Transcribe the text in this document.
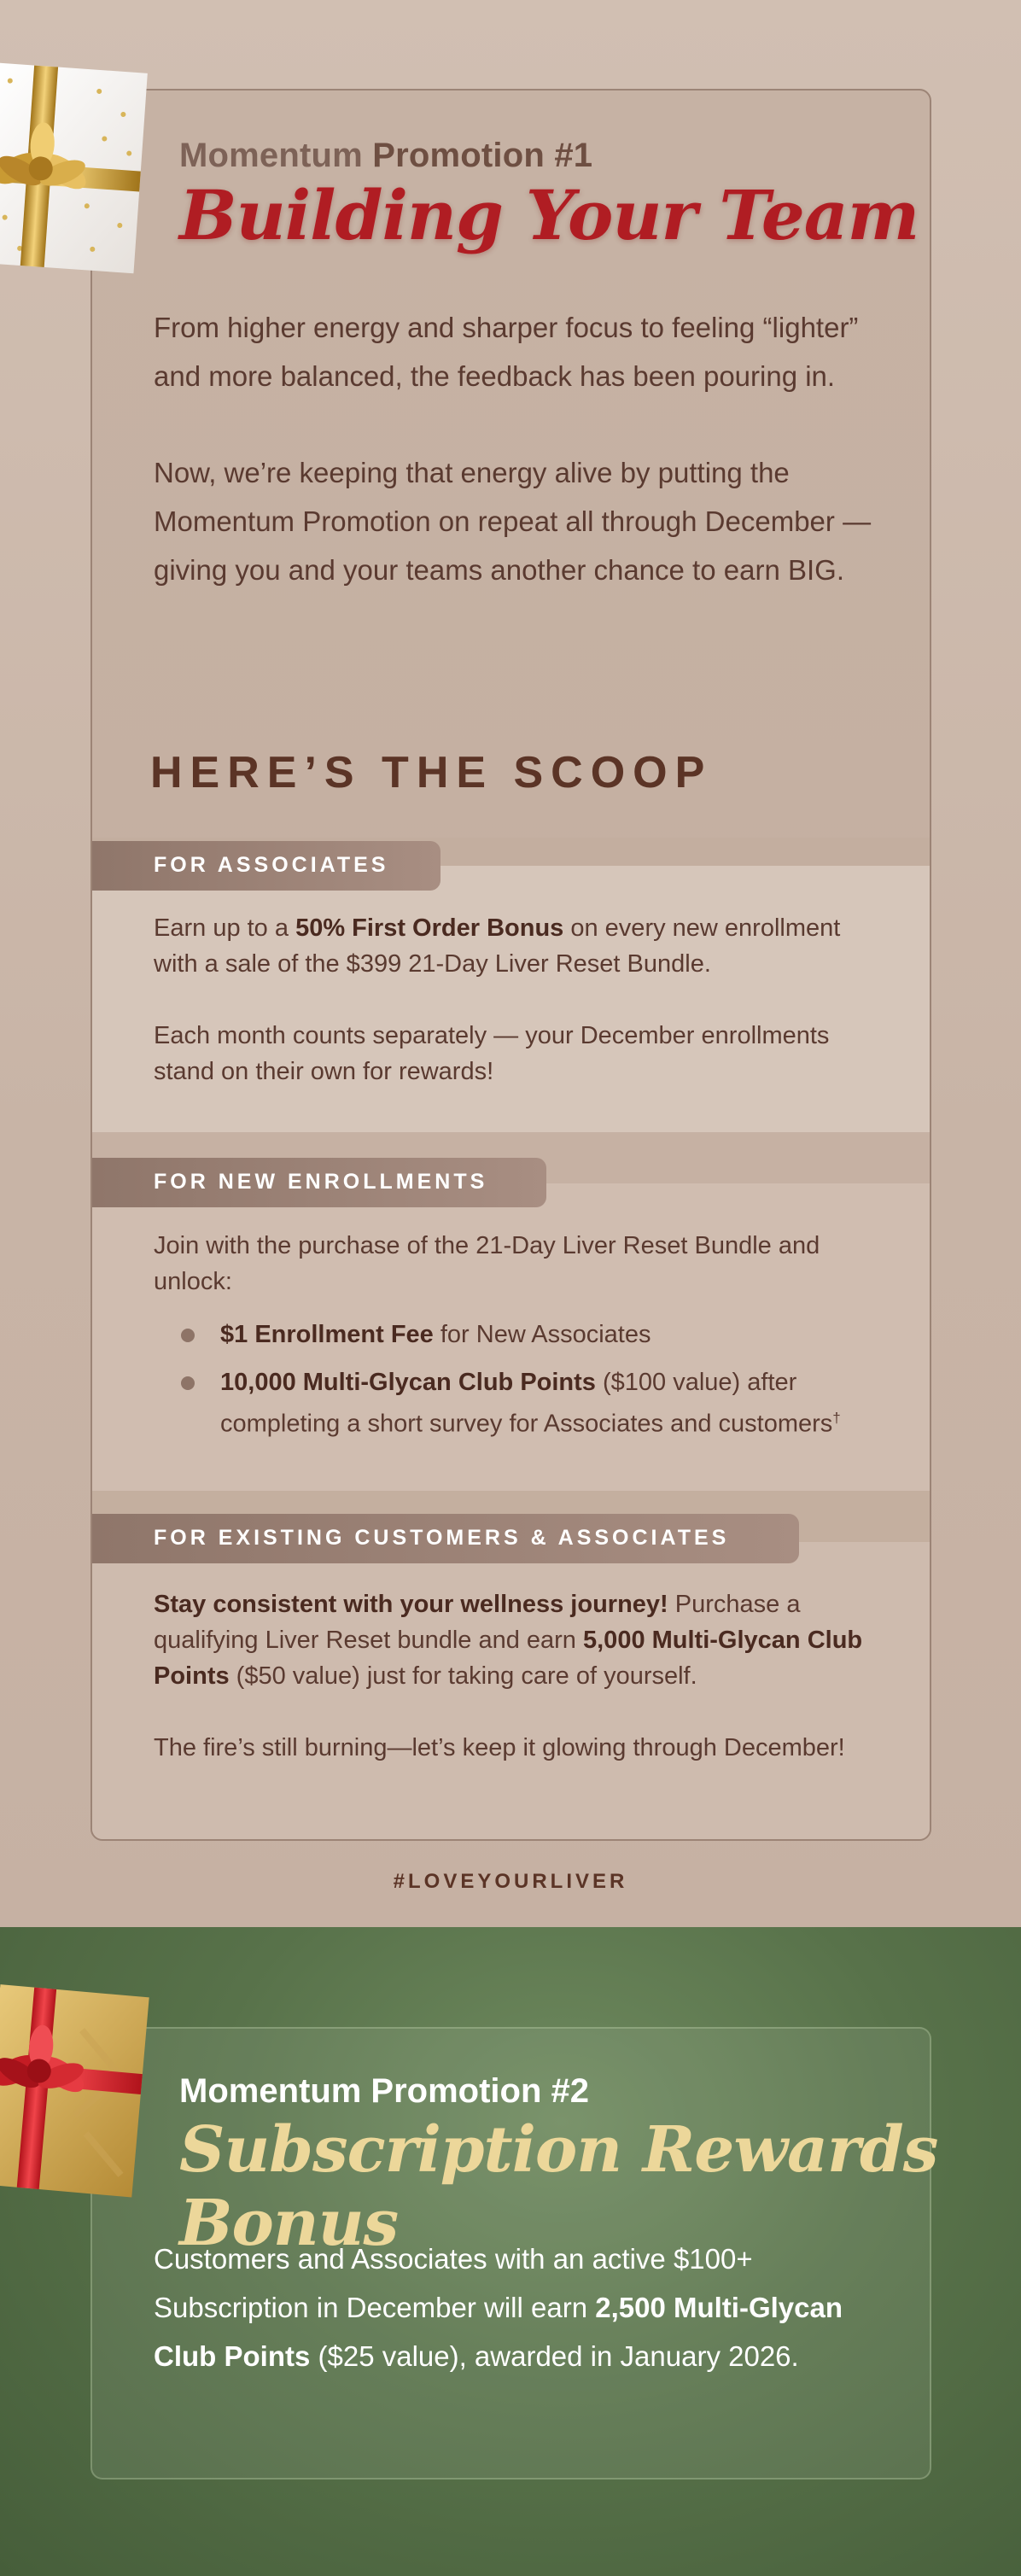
FOR ASSOCIATES
FOR NEW ENROLLMENTS
FOR EXISTING CUSTOMERS & ASSOCIATES

Earn up to a 50% First Order Bonus on every new enrollment with a sale of the $399 21-Day Liver Reset Bundle.

Each month counts separately — your December enrollments stand on their own for rewards!

Join with the purchase of the 21-Day Liver Reset Bundle and unlock:

$1 Enrollment Fee for New Associates
10,000 Multi-Glycan Club Points ($100 value) after completing a short survey for Associates and customers†

Stay consistent with your wellness journey! Purchase a qualifying Liver Reset bundle and earn 5,000 Multi-Glycan Club Points ($50 value) just for taking care of yourself.

The fire’s still burning—let’s keep it glowing through December!

Momentum Promotion #1
Building Your Team

From higher energy and sharper focus to feeling “lighter” and more balanced, the feedback has been pouring in.

Now, we’re keeping that energy alive by putting the Momentum Promotion on repeat all through December — giving you and your teams another chance to earn BIG.

HERE’S THE SCOOP
#LOVEYOURLIVER
Momentum Promotion #2
Subscription Rewards Bonus
Customers and Associates with an active $100+ Subscription in December will earn 2,500 Multi-Glycan Club Points ($25 value), awarded in January 2026.
